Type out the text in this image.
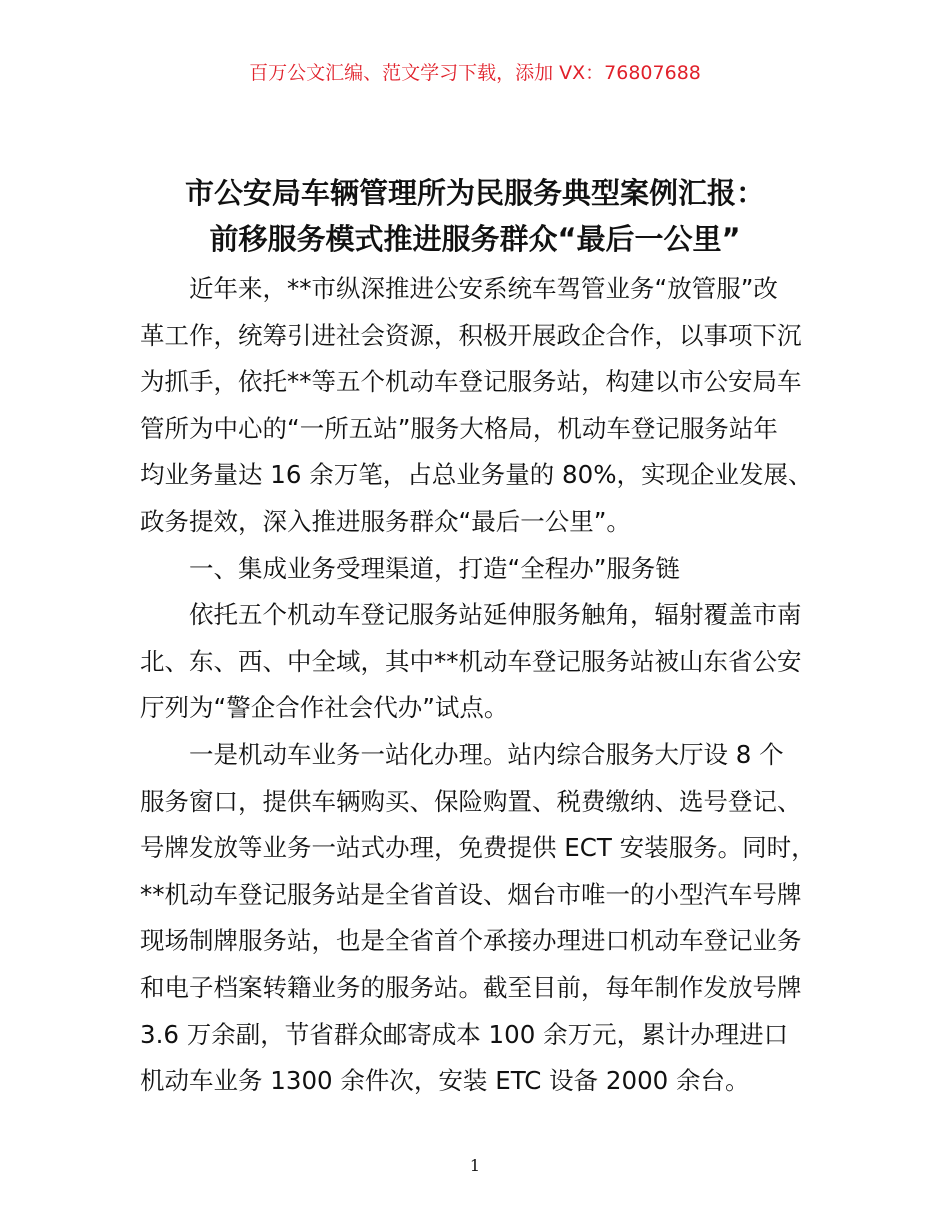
百万公文汇编、范文学习下载，添加 VX：76807688
市公安局车辆管理所为民服务典型案例汇报：
前移服务模式推进服务群众“最后一公里”
近年来，**市纵深推进公安系统车驾管业务“放管服”改
革工作，统筹引进社会资源，积极开展政企合作，以事项下沉
为抓手，依托**等五个机动车登记服务站，构建以市公安局车
管所为中心的“一所五站”服务大格局，机动车登记服务站年
均业务量达 16 余万笔，占总业务量的 80%，实现企业发展、
政务提效，深入推进服务群众“最后一公里”。
一、集成业务受理渠道，打造“全程办”服务链
依托五个机动车登记服务站延伸服务触角，辐射覆盖市南
北、东、西、中全域，其中**机动车登记服务站被山东省公安
厅列为“警企合作社会代办”试点。
一是机动车业务一站化办理。站内综合服务大厅设 8 个
服务窗口，提供车辆购买、保险购置、税费缴纳、选号登记、
号牌发放等业务一站式办理，免费提供 ECT 安装服务。同时，
**机动车登记服务站是全省首设、烟台市唯一的小型汽车号牌
现场制牌服务站，也是全省首个承接办理进口机动车登记业务
和电子档案转籍业务的服务站。截至目前，每年制作发放号牌
3.6 万余副，节省群众邮寄成本 100 余万元，累计办理进口
机动车业务 1300 余件次，安装 ETC 设备 2000 余台。
1
